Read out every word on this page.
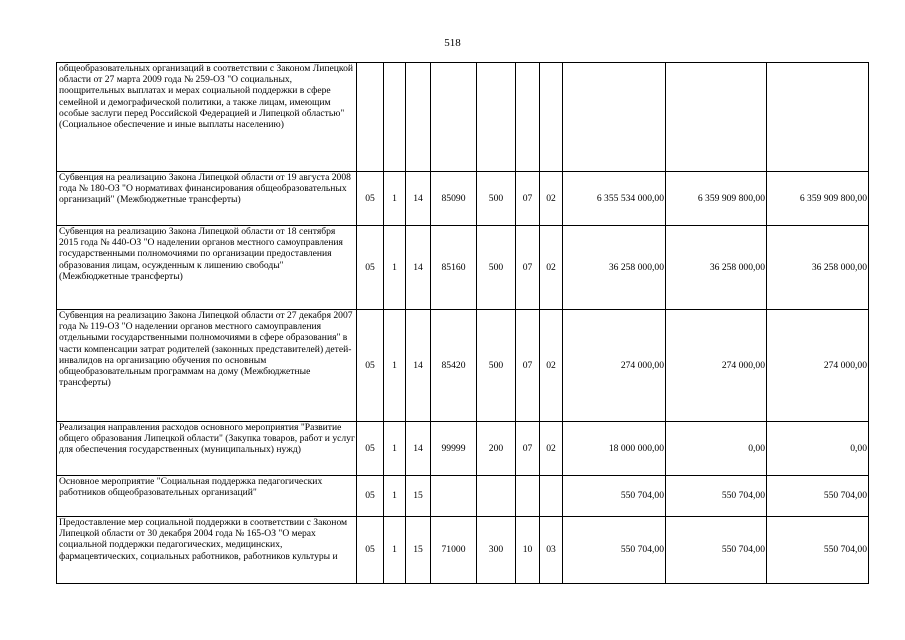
518
общеобразовательных организаций в соответствии с Законом Липецкой области от 27 марта 2009 года № 259-ОЗ "О социальных, поощрительных выплатах и мерах социальной поддержки в сфере семейной и демографической политики, а также лицам, имеющим особые заслуги перед Российской Федерацией и Липецкой областью" (Социальное обеспечение и иные выплаты населению)										
Субвенция на реализацию Закона Липецкой области от 19 августа 2008 года № 180-ОЗ "О нормативах финансирования общеобразовательных организаций" (Межбюджетные трансферты)	05	1	14	85090	500	07	02	6 355 534 000,00	6 359 909 800,00	6 359 909 800,00
Субвенция на реализацию Закона Липецкой области от 18 сентября 2015 года № 440-ОЗ "О наделении органов местного самоуправления государственными полномочиями по организации предоставления образования лицам, осужденным к лишению свободы" (Межбюджетные трансферты)	05	1	14	85160	500	07	02	36 258 000,00	36 258 000,00	36 258 000,00
Субвенция на реализацию Закона Липецкой области от 27 декабря 2007 года № 119-ОЗ "О наделении органов местного самоуправления отдельными государственными полномочиями в сфере образования" в части компенсации затрат родителей (законных представителей) детей-инвалидов на организацию обучения по основным общеобразовательным программам на дому (Межбюджетные трансферты)	05	1	14	85420	500	07	02	274 000,00	274 000,00	274 000,00
Реализация направления расходов основного мероприятия "Развитие общего образования Липецкой области" (Закупка товаров, работ и услуг для обеспечения государственных (муниципальных) нужд)	05	1	14	99999	200	07	02	18 000 000,00	0,00	0,00
Основное мероприятие "Социальная поддержка педагогических работников общеобразовательных организаций"	05	1	15					550 704,00	550 704,00	550 704,00
Предоставление мер социальной поддержки в соответствии с Законом Липецкой области от 30 декабря 2004 года № 165-ОЗ "О мерах социальной поддержки педагогических, медицинских, фармацевтических, социальных работников, работников культуры и	05	1	15	71000	300	10	03	550 704,00	550 704,00	550 704,00
